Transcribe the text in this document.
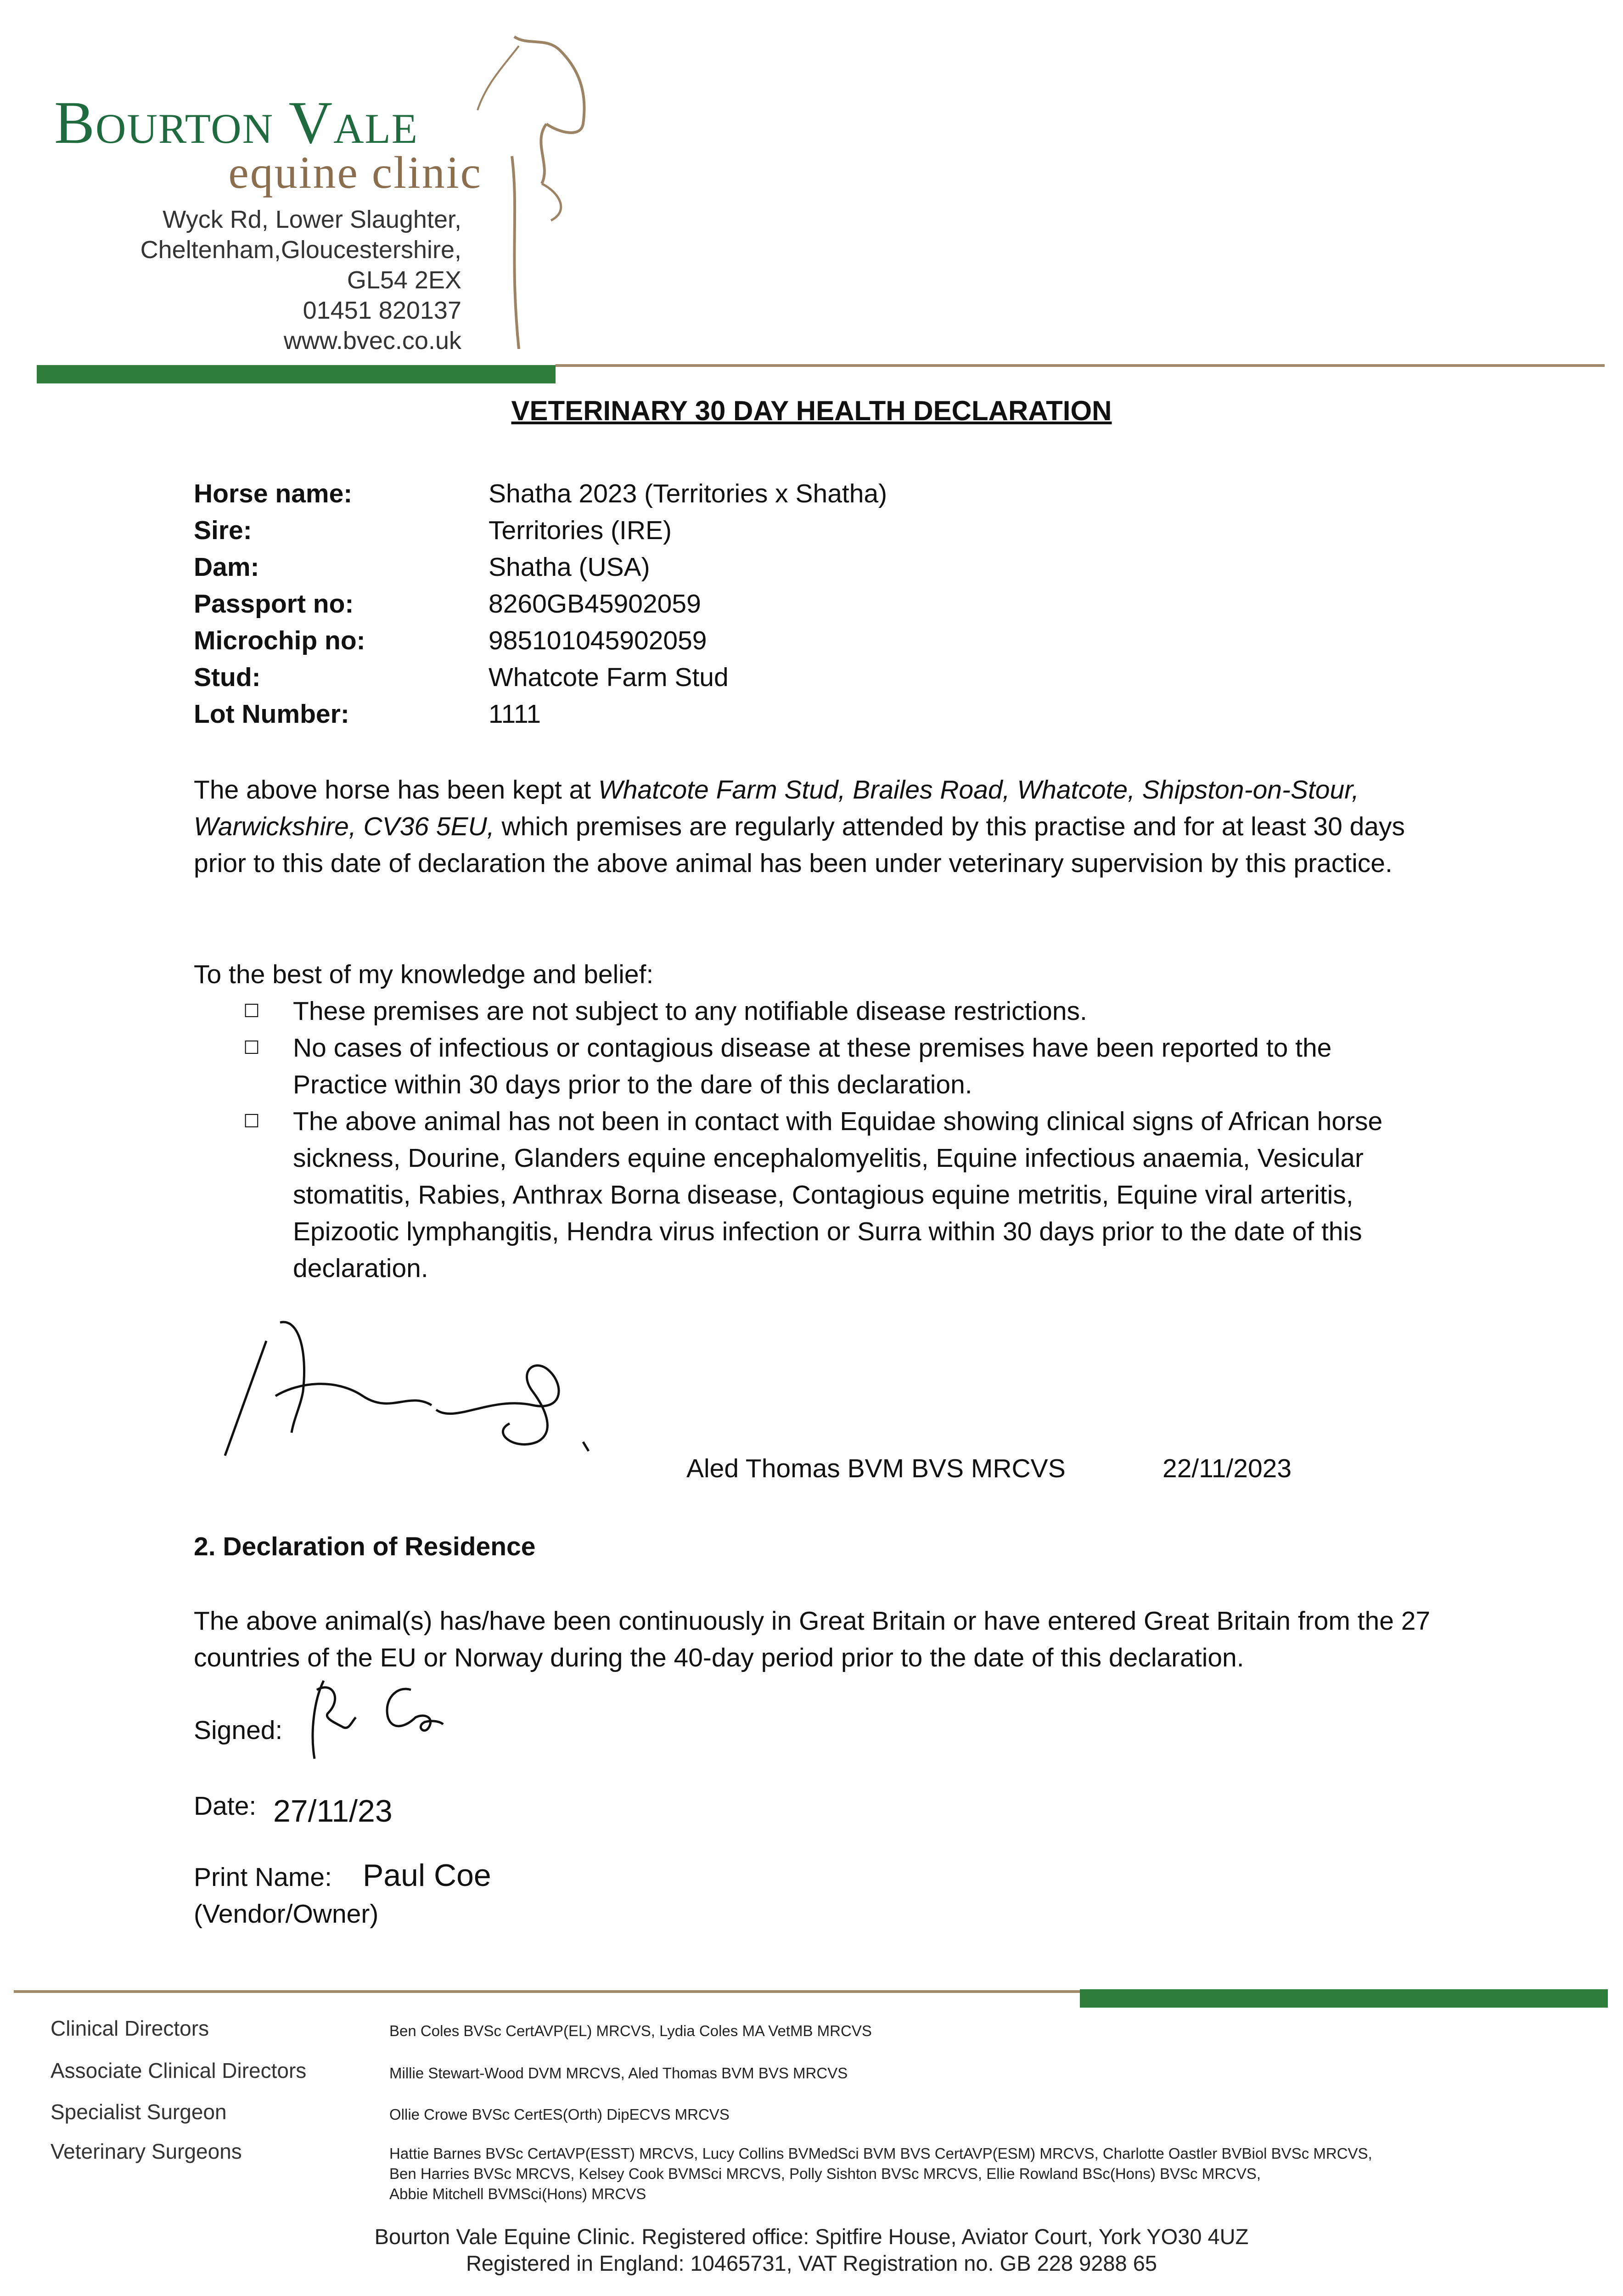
Bourton Vale
equine clinic
Wyck Rd, Lower Slaughter,
Cheltenham,Gloucestershire,
GL54 2EX
01451 820137
www.bvec.co.uk
VETERINARY 30 DAY HEALTH DECLARATION
Horse name:	Shatha 2023 (Territories x Shatha)
Sire:	Territories (IRE)
Dam:	Shatha (USA)
Passport no:	8260GB45902059
Microchip no:	985101045902059
Stud:	Whatcote Farm Stud
Lot Number:	1111
The above horse has been kept at Whatcote Farm Stud, Brailes Road, Whatcote, Shipston-on-Stour, Warwickshire, CV36 5EU, which premises are regularly attended by this practise and for at least 30 days prior to this date of declaration the above animal has been under veterinary supervision by this practice.
To the best of my knowledge and belief:
☐	These premises are not subject to any notifiable disease restrictions.
☐	No cases of infectious or contagious disease at these premises have been reported to the Practice within 30 days prior to the dare of this declaration.
☐	The above animal has not been in contact with Equidae showing clinical signs of African horse sickness, Dourine, Glanders equine encephalomyelitis, Equine infectious anaemia, Vesicular stomatitis, Rabies, Anthrax Borna disease, Contagious equine metritis, Equine viral arteritis, Epizootic lymphangitis, Hendra virus infection or Surra within 30 days prior to the date of this declaration.
Aled Thomas BVM BVS MRCVS	22/11/2023
2. Declaration of Residence
The above animal(s) has/have been continuously in Great Britain or have entered Great Britain from the 27 countries of the EU or Norway during the 40-day period prior to the date of this declaration.
Signed:
Date: 27/11/23
Print Name: Paul Coe
(Vendor/Owner)
Clinical Directors	Ben Coles BVSc CertAVP(EL) MRCVS, Lydia Coles MA VetMB MRCVS
Associate Clinical Directors	Millie Stewart-Wood DVM MRCVS, Aled Thomas BVM BVS MRCVS
Specialist Surgeon	Ollie Crowe BVSc CertES(Orth) DipECVS MRCVS
Veterinary Surgeons	Hattie Barnes BVSc CertAVP(ESST) MRCVS, Lucy Collins BVMedSci BVM BVS CertAVP(ESM) MRCVS, Charlotte Oastler BVBiol BVSc MRCVS,
Ben Harries BVSc MRCVS, Kelsey Cook BVMSci MRCVS, Polly Sishton BVSc MRCVS, Ellie Rowland BSc(Hons) BVSc MRCVS,
Abbie Mitchell BVMSci(Hons) MRCVS
Bourton Vale Equine Clinic. Registered office: Spitfire House, Aviator Court, York YO30 4UZ
Registered in England: 10465731, VAT Registration no. GB 228 9288 65
